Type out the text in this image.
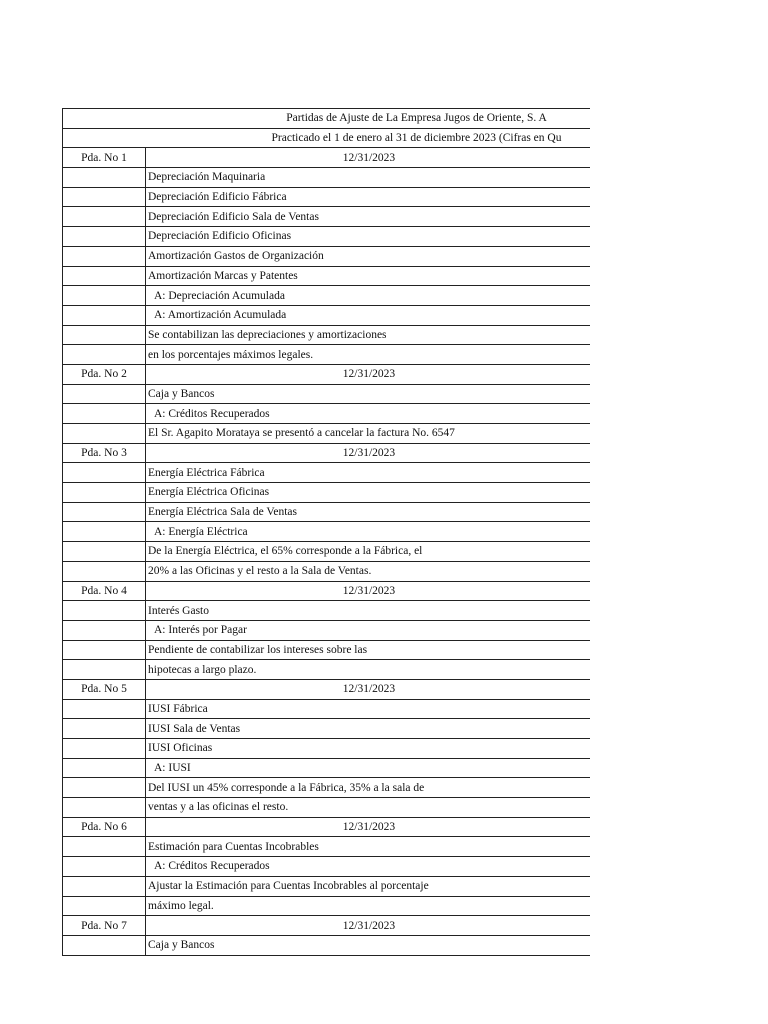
Partidas de Ajuste de La Empresa Jugos de Oriente, S. A	
Practicado el 1 de enero al 31 de diciembre 2023 (Cifras en Qu	
Pda. No 1	12/31/2023
	Depreciación Maquinaria
	Depreciación Edificio Fábrica
	Depreciación Edificio Sala de Ventas
	Depreciación Edificio Oficinas
	Amortización Gastos de Organización
	Amortización Marcas y Patentes
	A: Depreciación Acumulada
	A: Amortización Acumulada
	Se contabilizan las depreciaciones y amortizaciones
	en los porcentajes máximos legales.
Pda. No 2	12/31/2023
	Caja y Bancos
	A: Créditos Recuperados
	El Sr. Agapito Morataya se presentó a cancelar la factura No. 6547
Pda. No 3	12/31/2023
	Energía Eléctrica Fábrica
	Energía Eléctrica Oficinas
	Energía Eléctrica Sala de Ventas
	A: Energía Eléctrica
	De la Energía Eléctrica, el 65% corresponde a la Fábrica, el
	20% a las Oficinas y el resto a la Sala de Ventas.
Pda. No 4	12/31/2023
	Interés Gasto
	A: Interés por Pagar
	Pendiente de contabilizar los intereses sobre las
	hipotecas a largo plazo.
Pda. No 5	12/31/2023
	IUSI Fábrica
	IUSI Sala de Ventas
	IUSI Oficinas
	A: IUSI
	Del IUSI un 45% corresponde a la Fábrica, 35% a la sala de
	ventas y a las oficinas el resto.
Pda. No 6	12/31/2023
	Estimación para Cuentas Incobrables
	A: Créditos Recuperados
	Ajustar la Estimación para Cuentas Incobrables al porcentaje
	máximo legal.
Pda. No 7	12/31/2023
	Caja y Bancos
